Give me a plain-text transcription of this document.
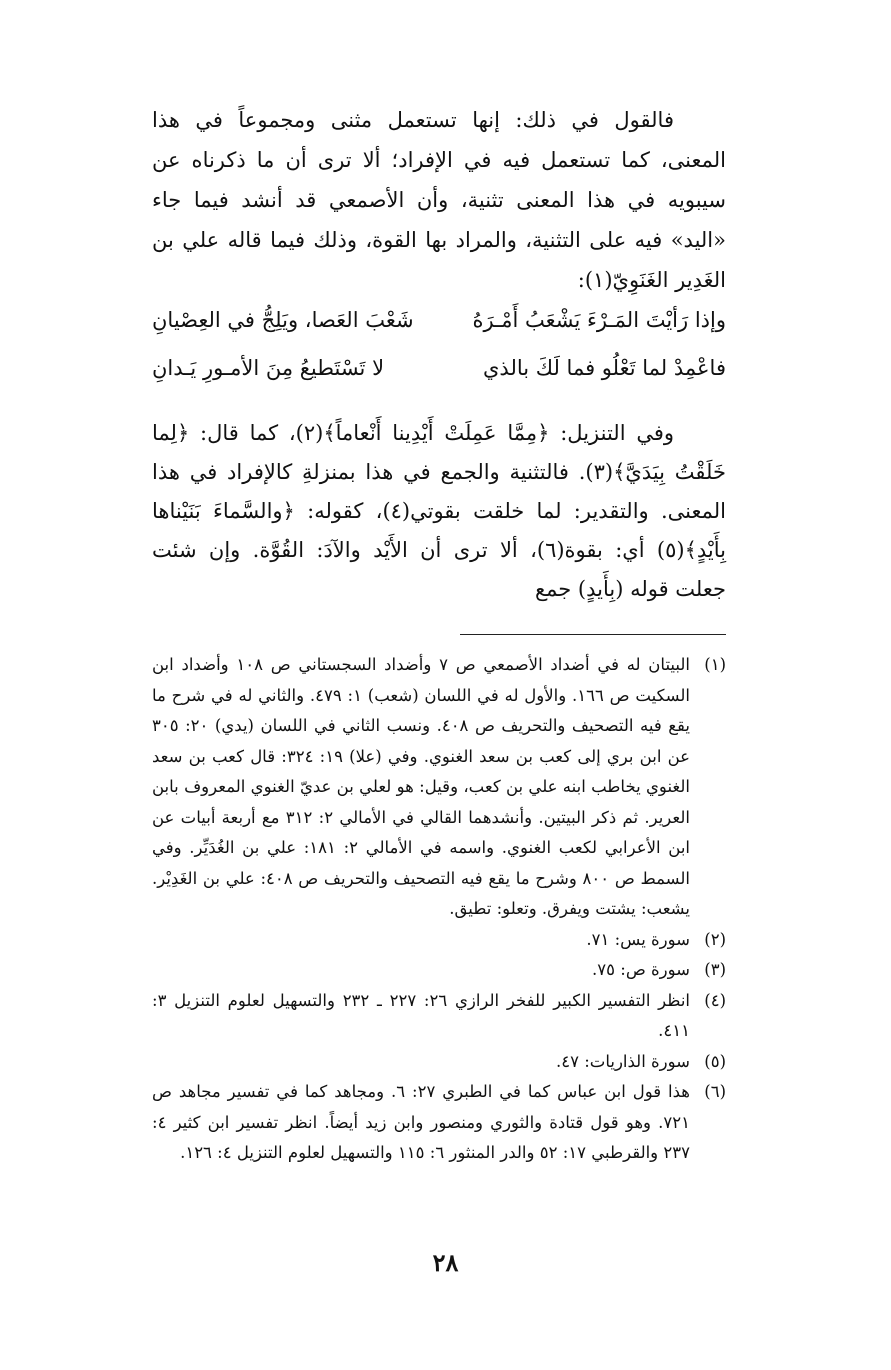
فالقول في ذلك: إنها تستعمل مثنى ومجموعاً في هذا المعنى، كما تستعمل فيه في الإفراد؛ ألا ترى أن ما ذكرناه عن سيبويه في هذا المعنى تثنية، وأن الأصمعي قد أنشد فيما جاء «اليد» فيه على التثنية، والمراد بها القوة، وذلك فيما قاله علي بن الغَدِير الغَنَوِيّ(١):

وإذا رَأيْتَ المَـرْءَ يَشْعَبُ أَمْـرَهُ
شَعْبَ العَصا، ويَلِجُّ في العِصْيانِ
فاعْمِدْ لما تَعْلُو فما لَكَ بالذي
لا تَسْتَطيعُ مِنَ الأمـورِ يَـدانِ

وفي التنزيل: ﴿مِمَّا عَمِلَتْ أَيْدِينا أَنْعاماً﴾(٢)، كما قال: ﴿لِما خَلَقْتُ بِيَدَيَّ﴾(٣). فالتثنية والجمع في هذا بمنزلةِ كالإفراد في هذا المعنى. والتقدير: لما خلقت بقوتي(٤)، كقوله: ﴿والسَّماءَ بَنَيْناها بِأَيْدٍ﴾(٥) أي: بقوة(٦)، ألا ترى أن الأَيْد والآدَ: القُوَّة. وإن شئت جعلت قوله (بِأَيدٍ) جمع

(١)
البيتان له في أضداد الأصمعي ص ٧ وأضداد السجستاني ص ١٠٨ وأضداد ابن السكيت ص ١٦٦. والأول له في اللسان (شعب) ١: ٤٧٩. والثاني له في شرح ما يقع فيه التصحيف والتحريف ص ٤٠٨. ونسب الثاني في اللسان (يدي) ٢٠: ٣٠٥ عن ابن بري إلى كعب بن سعد الغنوي. وفي (علا) ١٩: ٣٢٤: قال كعب بن سعد الغنوي يخاطب ابنه علي بن كعب، وقيل: هو لعلي بن عديّ الغنوي المعروف بابن العرير. ثم ذكر البيتين. وأنشدهما القالي في الأمالي ٢: ٣١٢ مع أربعة أبيات عن ابن الأعرابي لكعب الغنوي. واسمه في الأمالي ٢: ١٨١: علي بن الغُدَيِّر. وفي السمط ص ٨٠٠ وشرح ما يقع فيه التصحيف والتحريف ص ٤٠٨: علي بن الغَدِيْر. يشعب: يشتت ويفرق. وتعلو: تطيق.
(٢)
سورة يس: ٧١.
(٣)
سورة ص: ٧٥.
(٤)
انظر التفسير الكبير للفخر الرازي ٢٦: ٢٢٧ ـ ٢٣٢ والتسهيل لعلوم التنزيل ٣: ٤١١.
(٥)
سورة الذاريات: ٤٧.
(٦)
هذا قول ابن عباس كما في الطبري ٢٧: ٦. ومجاهد كما في تفسير مجاهد ص ٧٢١. وهو قول قتادة والثوري ومنصور وابن زيد أيضاً. انظر تفسير ابن كثير ٤: ٢٣٧ والقرطبي ١٧: ٥٢ والدر المنثور ٦: ١١٥ والتسهيل لعلوم التنزيل ٤: ١٢٦.
٢٨
